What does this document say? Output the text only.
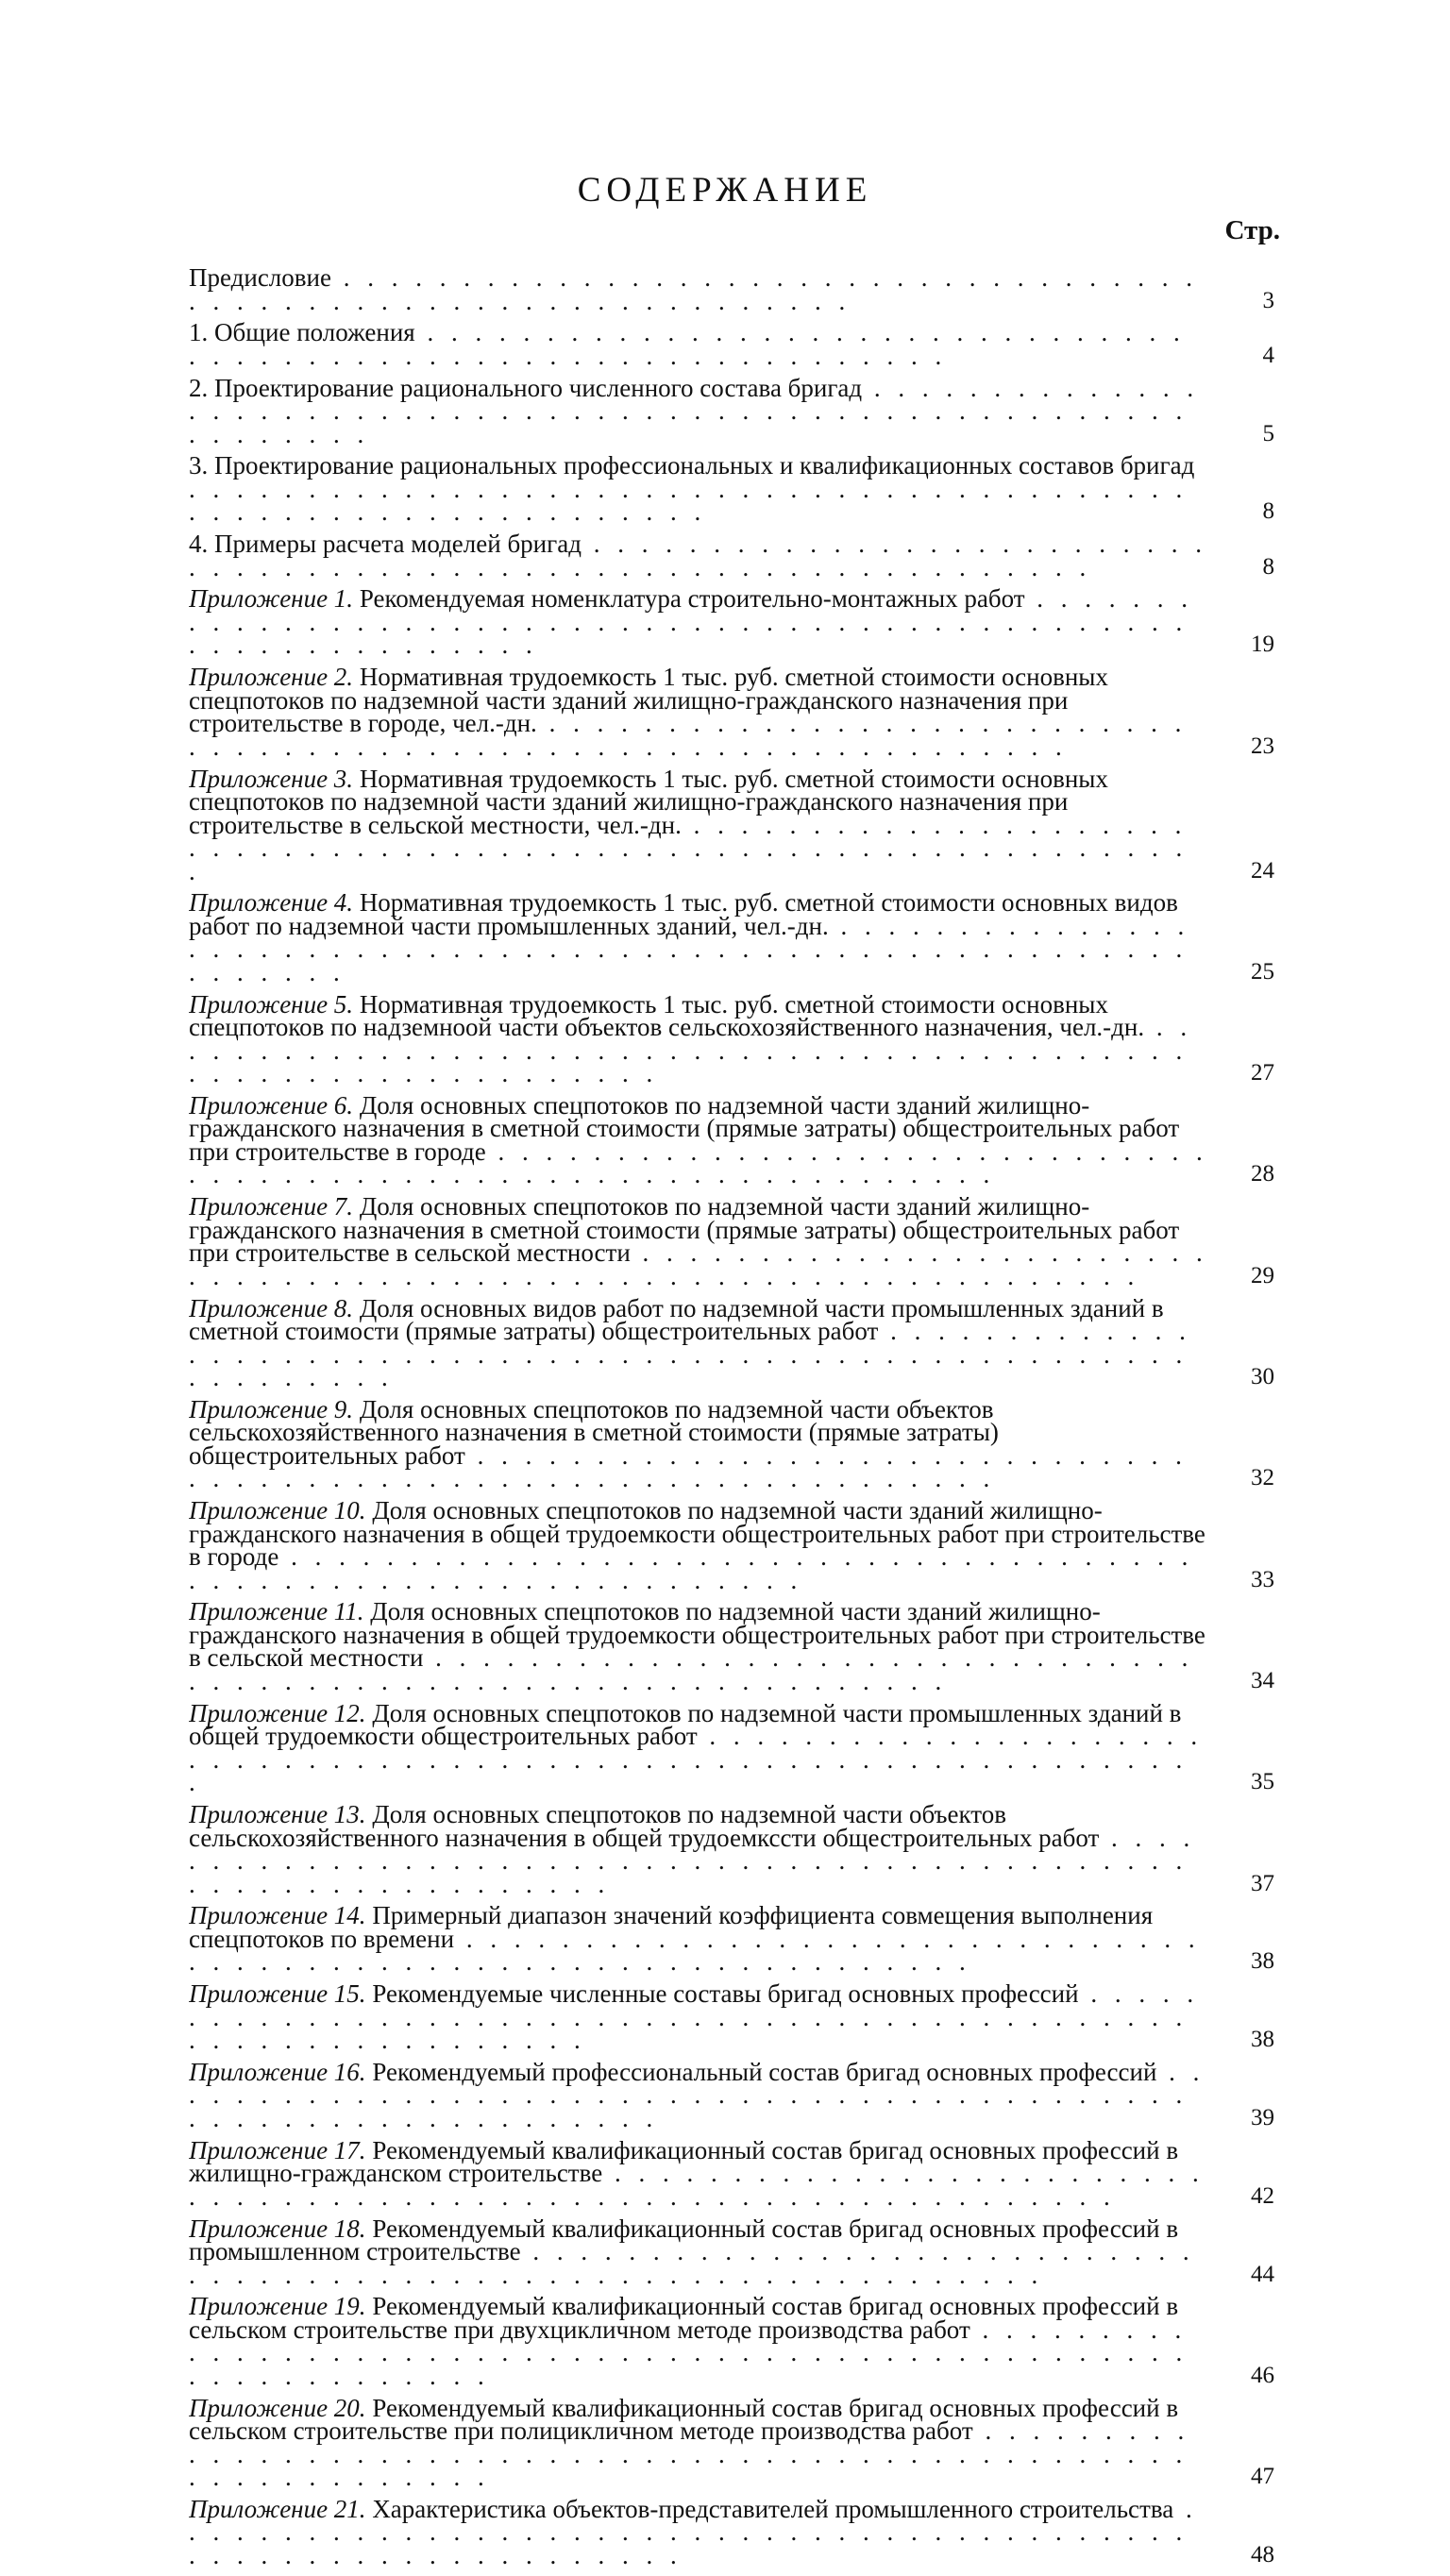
СОДЕРЖАНИЕ
Стр.
Предисловие . . .
3
1. Общие положения . . .
4
2. Проектирование рационального численного состава бригад . . .
5
3. Проектирование рациональных профессиональных и квалификационных составов бригад . . .
8
4. Примеры расчета моделей бригад . . .
8
Приложение 1. Рекомендуемая номенклатура строительно-монтажных работ . . .
19
Приложение 2. Нормативная трудоемкость 1 тыс. руб. сметной стоимости основных спецпотоков по надземной части зданий жилищно-гражданского назначения при строительстве в городе, чел.-дн. . . .
23
Приложение 3. Нормативная трудоемкость 1 тыс. руб. сметной стоимости основных спецпотоков по надземной части зданий жилищно-гражданского назначения при строительстве в сельской местности, чел.-дн. . . .
24
Приложение 4. Нормативная трудоемкость 1 тыс. руб. сметной стоимости основных видов работ по надземной части промышленных зданий, чел.-дн. . . .
25
Приложение 5. Нормативная трудоемкость 1 тыс. руб. сметной стоимости основных спецпотоков по надземноой части объектов сельскохозяйственного назначения, чел.-дн. . . .
27
Приложение 6. Доля основных спецпотоков по надземной части зданий жилищно-гражданского назначения в сметной стоимости (прямые затраты) общестроительных работ при строительстве в городе . . .
28
Приложение 7. Доля основных спецпотоков по надземной части зданий жилищно-гражданского назначения в сметной стоимости (прямые затраты) общестроительных работ при строительстве в сельской местности . . .
29
Приложение 8. Доля основных видов работ по надземной части промышленных зданий в сметной стоимости (прямые затраты) общестроительных работ . . .
30
Приложение 9. Доля основных спецпотоков по надземной части объектов сельскохозяйственного назначения в сметной стоимости (прямые затраты) общестроительных работ . . .
32
Приложение 10. Доля основных спецпотоков по надземной части зданий жилищно-гражданского назначения в общей трудоемкости общестроительных работ при строительстве в городе . . .
33
Приложение 11. Доля основных спецпотоков по надземной части зданий жилищно-гражданского назначения в общей трудоемкости общестроительных работ при строительстве в сельской местности . . .
34
Приложение 12. Доля основных спецпотоков по надземной части промышленных зданий в общей трудоемкости общестроительных работ . . .
35
Приложение 13. Доля основных спецпотоков по надземной части объектов сельскохозяйственного назначения в общей трудоемкссти общестроительных работ . . .
37
Приложение 14. Примерный диапазон значений коэффициента совмещения выполнения спецпотоков по времени . . .
38
Приложение 15. Рекомендуемые численные составы бригад основных профессий . . .
38
Приложение 16. Рекомендуемый профессиональный состав бригад основных профессий . . .
39
Приложение 17. Рекомендуемый квалификационный состав бригад основных профессий в жилищно-гражданском строительстве . . .
42
Приложение 18. Рекомендуемый квалификационный состав бригад основных профессий в промышленном строительстве . . .
44
Приложение 19. Рекомендуемый квалификационный состав бригад основных профессий в сельском строительстве при двухцикличном методе производства работ . . .
46
Приложение 20. Рекомендуемый квалификационный состав бригад основных профессий в сельском строительстве при полицикличном методе производства работ . . .
47
Приложение 21. Характеристика объектов-представителей промышленного строительства . . .
48
